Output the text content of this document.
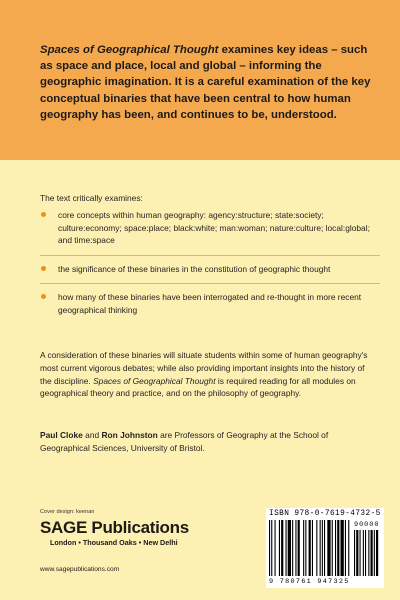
Spaces of Geographical Thought examines key ideas – such as space and place, local and global – informing the geographic imagination. It is a careful examination of the key conceptual binaries that have been central to how human geography has been, and continues to be, understood.
The text critically examines:
core concepts within human geography: agency:structure; state:society; culture:economy; space:place; black:white; man:woman; nature:culture; local:global; and time:space
the significance of these binaries in the constitution of geographic thought
how many of these binaries have been interrogated and re-thought in more recent geographical thinking
A consideration of these binaries will situate students within some of human geography's most current vigorous debates; while also providing important insights into the history of the discipline. Spaces of Geographical Thought is required reading for all modules on geographical theory and practice, and on the philosophy of geography.
Paul Cloke and Ron Johnston are Professors of Geography at the School of Geographical Sciences, University of Bristol.
Cover design: keenan
SAGE Publications
London • Thousand Oaks • New Delhi
www.sagepublications.com
ISBN 978-0-7619-4732-5
90000
9 780761 947325
